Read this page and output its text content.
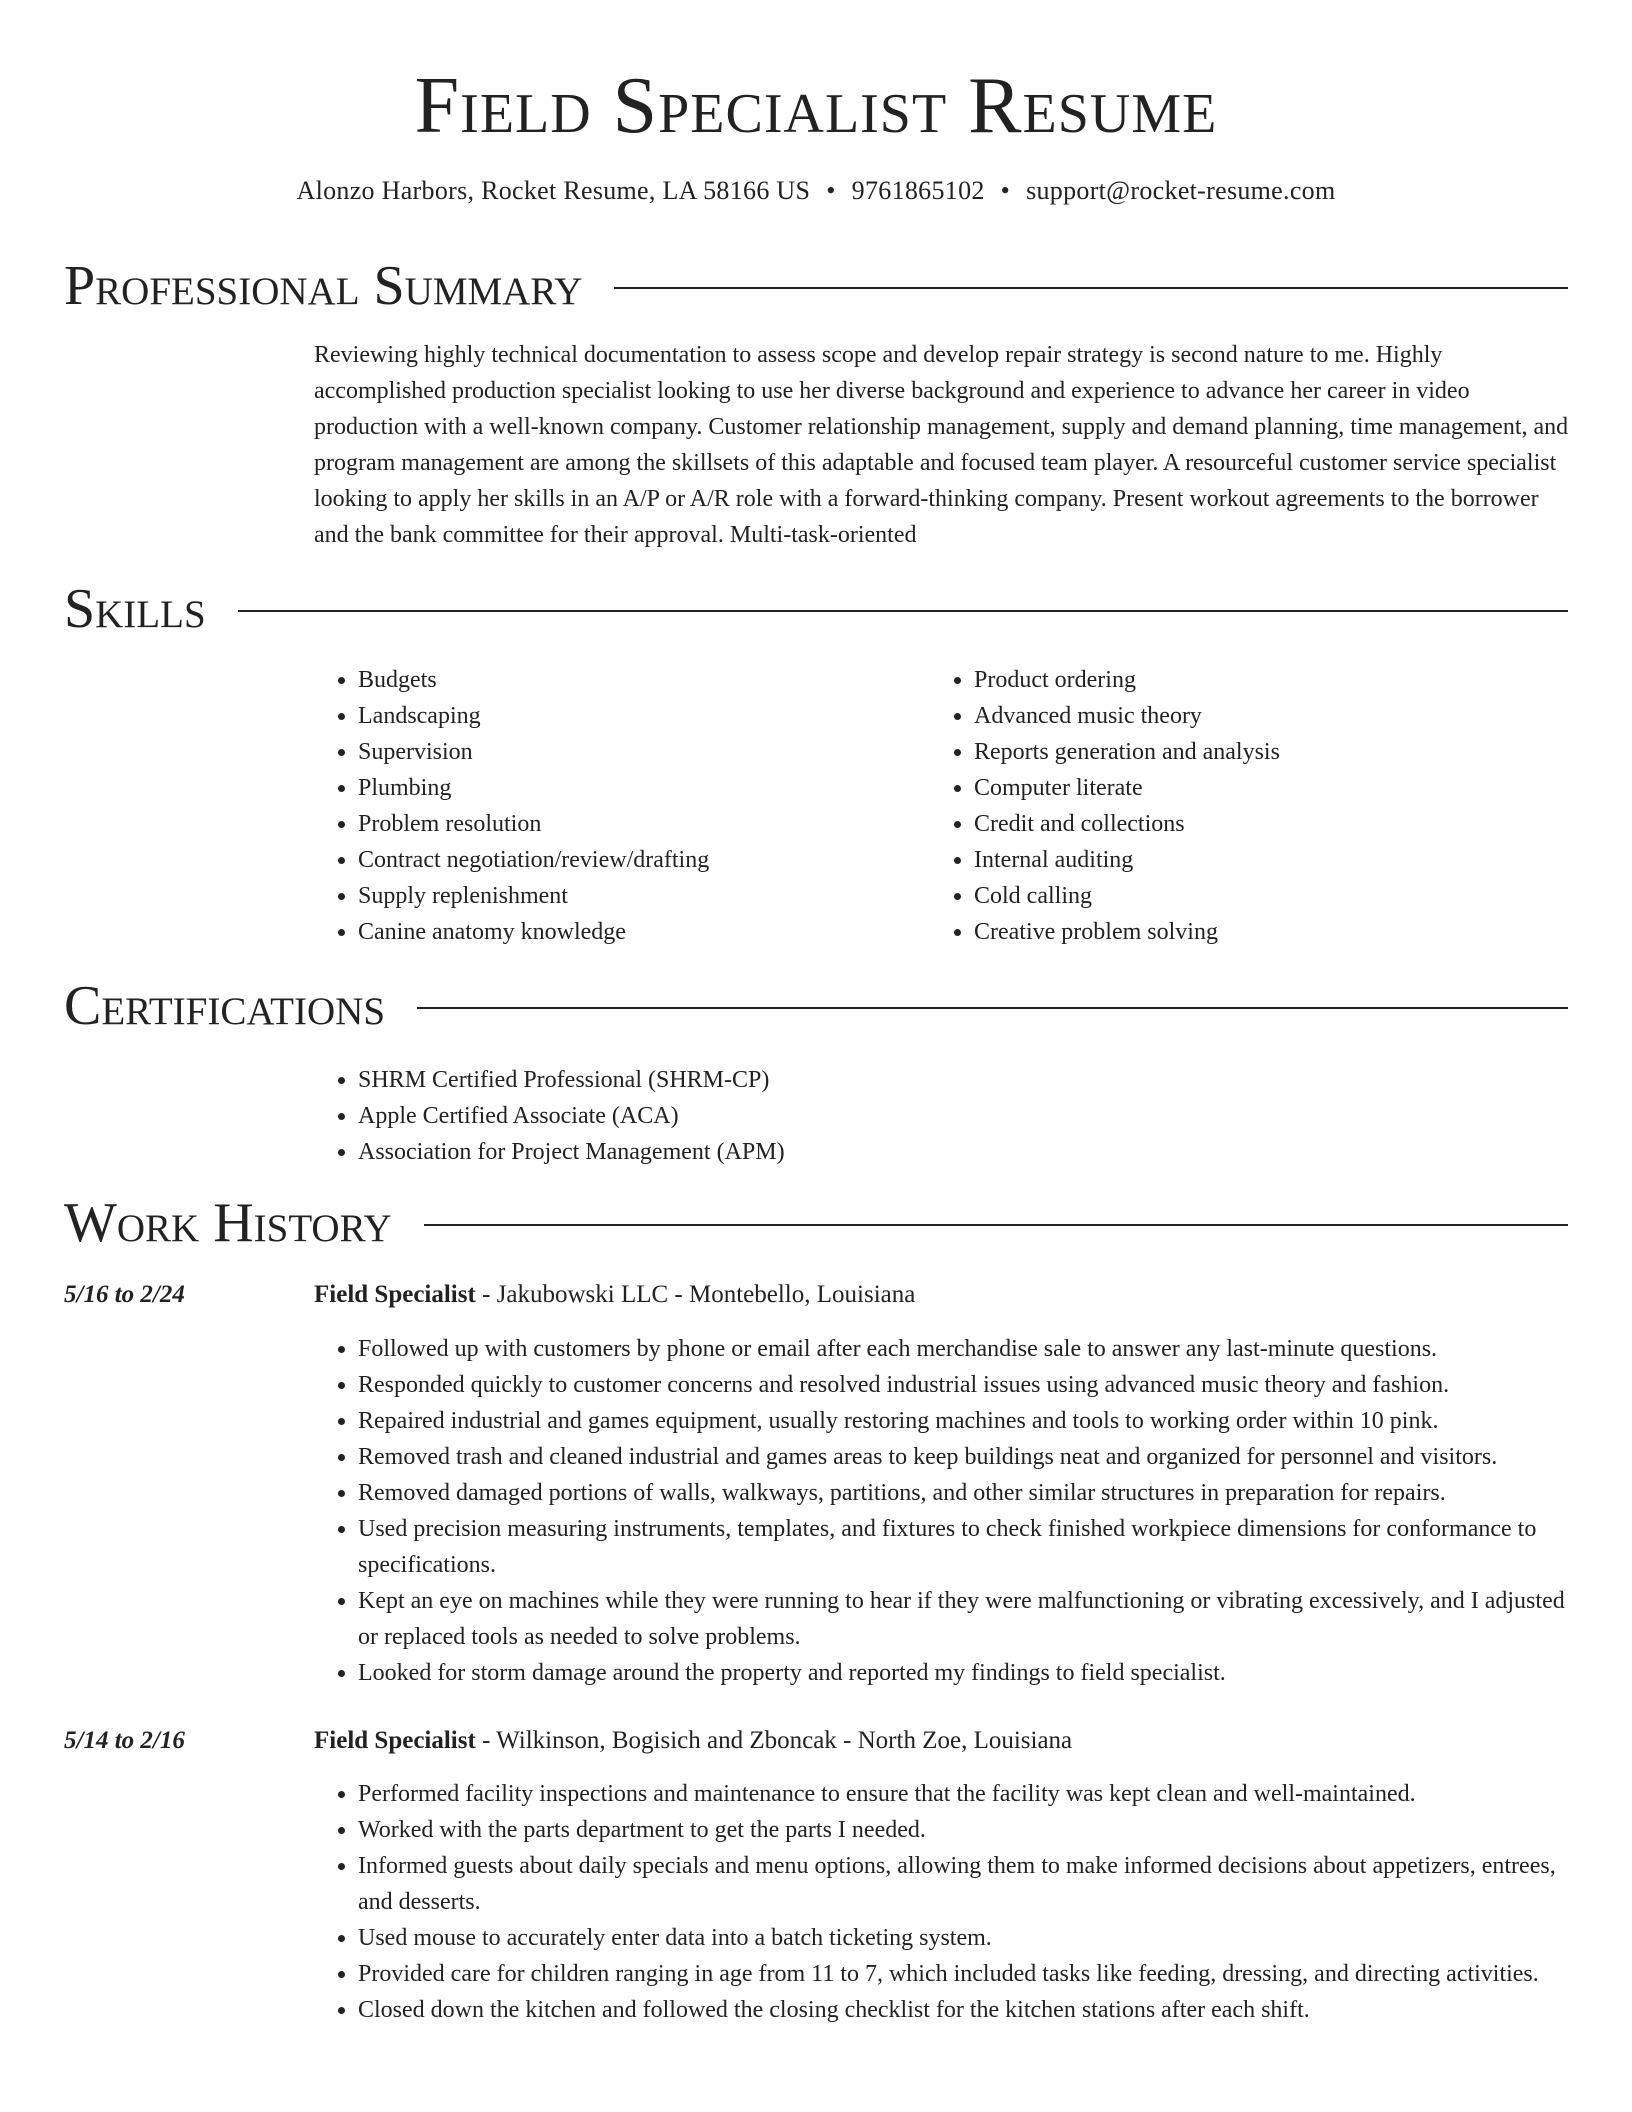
Field Specialist Resume
Alonzo Harbors, Rocket Resume, LA 58166 US • 9761865102 • support@rocket-resume.com
Professional Summary

Reviewing highly technical documentation to assess scope and develop repair strategy is second nature to me. Highly accomplished production specialist looking to use her diverse background and experience to advance her career in video production with a well-known company. Customer relationship management, supply and demand planning, time management, and program management are among the skillsets of this adaptable and focused team player. A resourceful customer service specialist looking to apply her skills in an A/P or A/R role with a forward-thinking company. Present workout agreements to the borrower and the bank committee for their approval. Multi-task-oriented

Skills
• Budgets
• Landscaping
• Supervision
• Plumbing
• Problem resolution
• Contract negotiation/review/drafting
• Supply replenishment
• Canine anatomy knowledge
• Product ordering
• Advanced music theory
• Reports generation and analysis
• Computer literate
• Credit and collections
• Internal auditing
• Cold calling
• Creative problem solving
Certifications
• SHRM Certified Professional (SHRM-CP)
• Apple Certified Associate (ACA)
• Association for Project Management (APM)
Work History
5/16 to 2/24	Field Specialist - Jakubowski LLC - Montebello, Louisiana
• Followed up with customers by phone or email after each merchandise sale to answer any last-minute questions.
• Responded quickly to customer concerns and resolved industrial issues using advanced music theory and fashion.
• Repaired industrial and games equipment, usually restoring machines and tools to working order within 10 pink.
• Removed trash and cleaned industrial and games areas to keep buildings neat and organized for personnel and visitors.
• Removed damaged portions of walls, walkways, partitions, and other similar structures in preparation for repairs.
• Used precision measuring instruments, templates, and fixtures to check finished workpiece dimensions for conformance to specifications.
• Kept an eye on machines while they were running to hear if they were malfunctioning or vibrating excessively, and I adjusted or replaced tools as needed to solve problems.
• Looked for storm damage around the property and reported my findings to field specialist.
5/14 to 2/16	Field Specialist - Wilkinson, Bogisich and Zboncak - North Zoe, Louisiana
• Performed facility inspections and maintenance to ensure that the facility was kept clean and well-maintained.
• Worked with the parts department to get the parts I needed.
• Informed guests about daily specials and menu options, allowing them to make informed decisions about appetizers, entrees, and desserts.
• Used mouse to accurately enter data into a batch ticketing system.
• Provided care for children ranging in age from 11 to 7, which included tasks like feeding, dressing, and directing activities.
• Closed down the kitchen and followed the closing checklist for the kitchen stations after each shift.
